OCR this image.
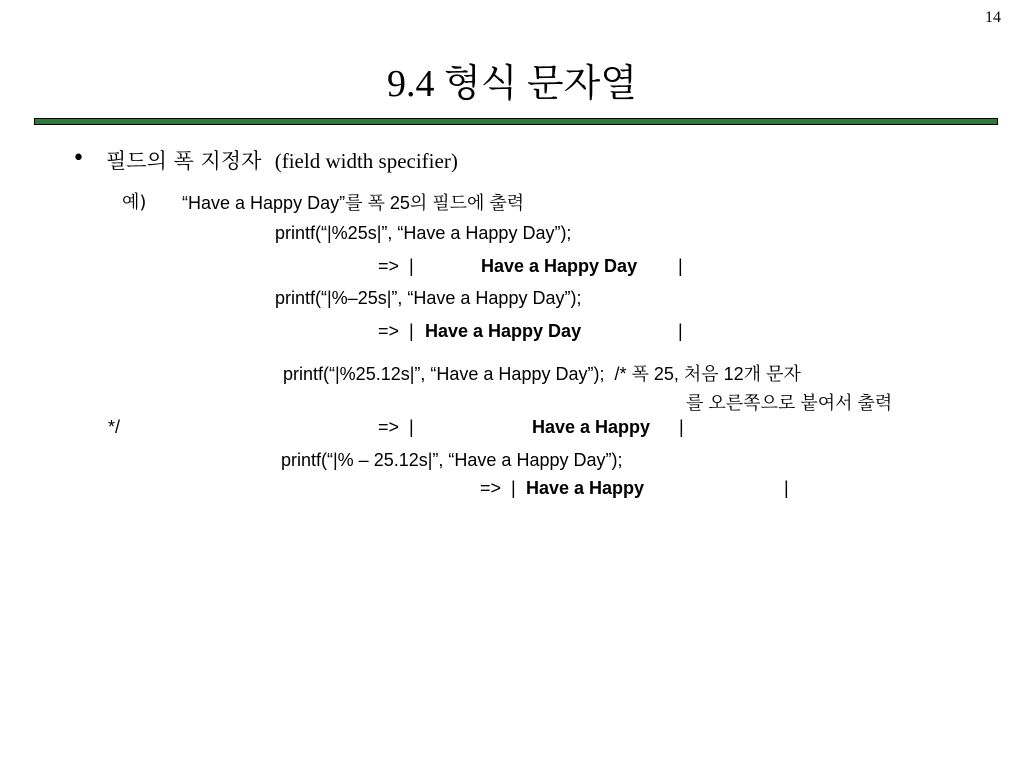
14
9.4 형식 문자열
• 필드의 폭 지정자 (field width specifier)
예) “Have a Happy Day”를 폭 25의 필드에 출력
printf(“|%25s|”, “Have a Happy Day”);
=>  |	Have a Happy Day |
printf(“|%–25s|”, “Have a Happy Day”);
=>  | Have a Happy Day	|
printf(“|%25.12s|”, “Have a Happy Day”);  /* 폭 25, 처음 12개 문자
를 오른쪽으로 붙여서 출력
*/	=>  |	Have a Happy |
printf(“|% – 25.12s|”, “Have a Happy Day”);
=>  | Have a Happy	|
